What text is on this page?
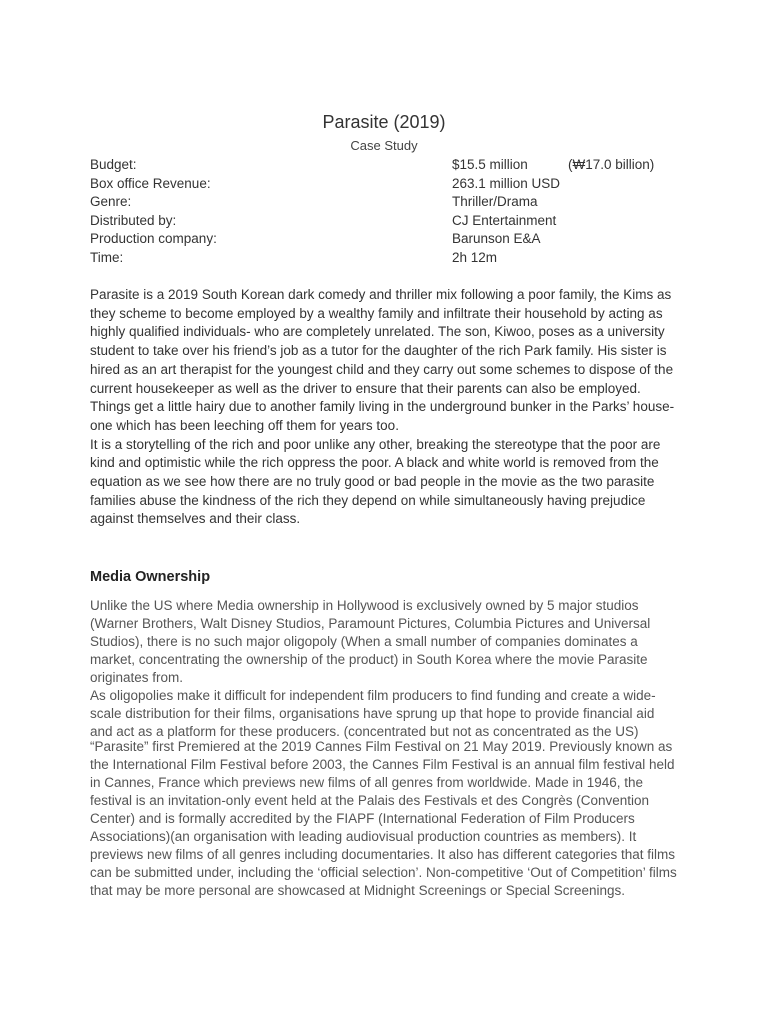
Parasite (2019)
Case Study
Budget:	$15.5 million	(₩17.0 billion)
Box office Revenue:	263.1 million USD
Genre:	Thriller/Drama
Distributed by:	CJ Entertainment
Production company:	Barunson E&A
Time:	2h 12m

Parasite is a 2019 South Korean dark comedy and thriller mix following a poor family, the Kims as they scheme to become employed by a wealthy family and infiltrate their household by acting as highly qualified individuals- who are completely unrelated. The son, Kiwoo, poses as a university student to take over his friend’s job as a tutor for the daughter of the rich Park family. His sister is hired as an art therapist for the youngest child and they carry out some schemes to dispose of the current housekeeper as well as the driver to ensure that their parents can also be employed. Things get a little hairy due to another family living in the underground bunker in the Parks’ house- one which has been leeching off them for years too.

It is a storytelling of the rich and poor unlike any other, breaking the stereotype that the poor are kind and optimistic while the rich oppress the poor. A black and white world is removed from the equation as we see how there are no truly good or bad people in the movie as the two parasite families abuse the kindness of the rich they depend on while simultaneously having prejudice against themselves and their class.

Media Ownership

Unlike the US where Media ownership in Hollywood is exclusively owned by 5 major studios (Warner Brothers, Walt Disney Studios, Paramount Pictures, Columbia Pictures and Universal Studios), there is no such major oligopoly (When a small number of companies dominates a market, concentrating the ownership of the product) in South Korea where the movie Parasite originates from.

As oligopolies make it difficult for independent film producers to find funding and create a wide-scale distribution for their films, organisations have sprung up that hope to provide financial aid and act as a platform for these producers. (concentrated but not as concentrated as the US)

“Parasite” first Premiered at the 2019 Cannes Film Festival on 21 May 2019. Previously known as the International Film Festival before 2003, the Cannes Film Festival is an annual film festival held in Cannes, France which previews new films of all genres from worldwide. Made in 1946, the festival is an invitation-only event held at the Palais des Festivals et des Congrès (Convention Center) and is formally accredited by the FIAPF (International Federation of Film Producers Associations)(an organisation with leading audiovisual production countries as members). It previews new films of all genres including documentaries. It also has different categories that films can be submitted under, including the ‘official selection’. Non-competitive ‘Out of Competition’ films that may be more personal are showcased at Midnight Screenings or Special Screenings.
